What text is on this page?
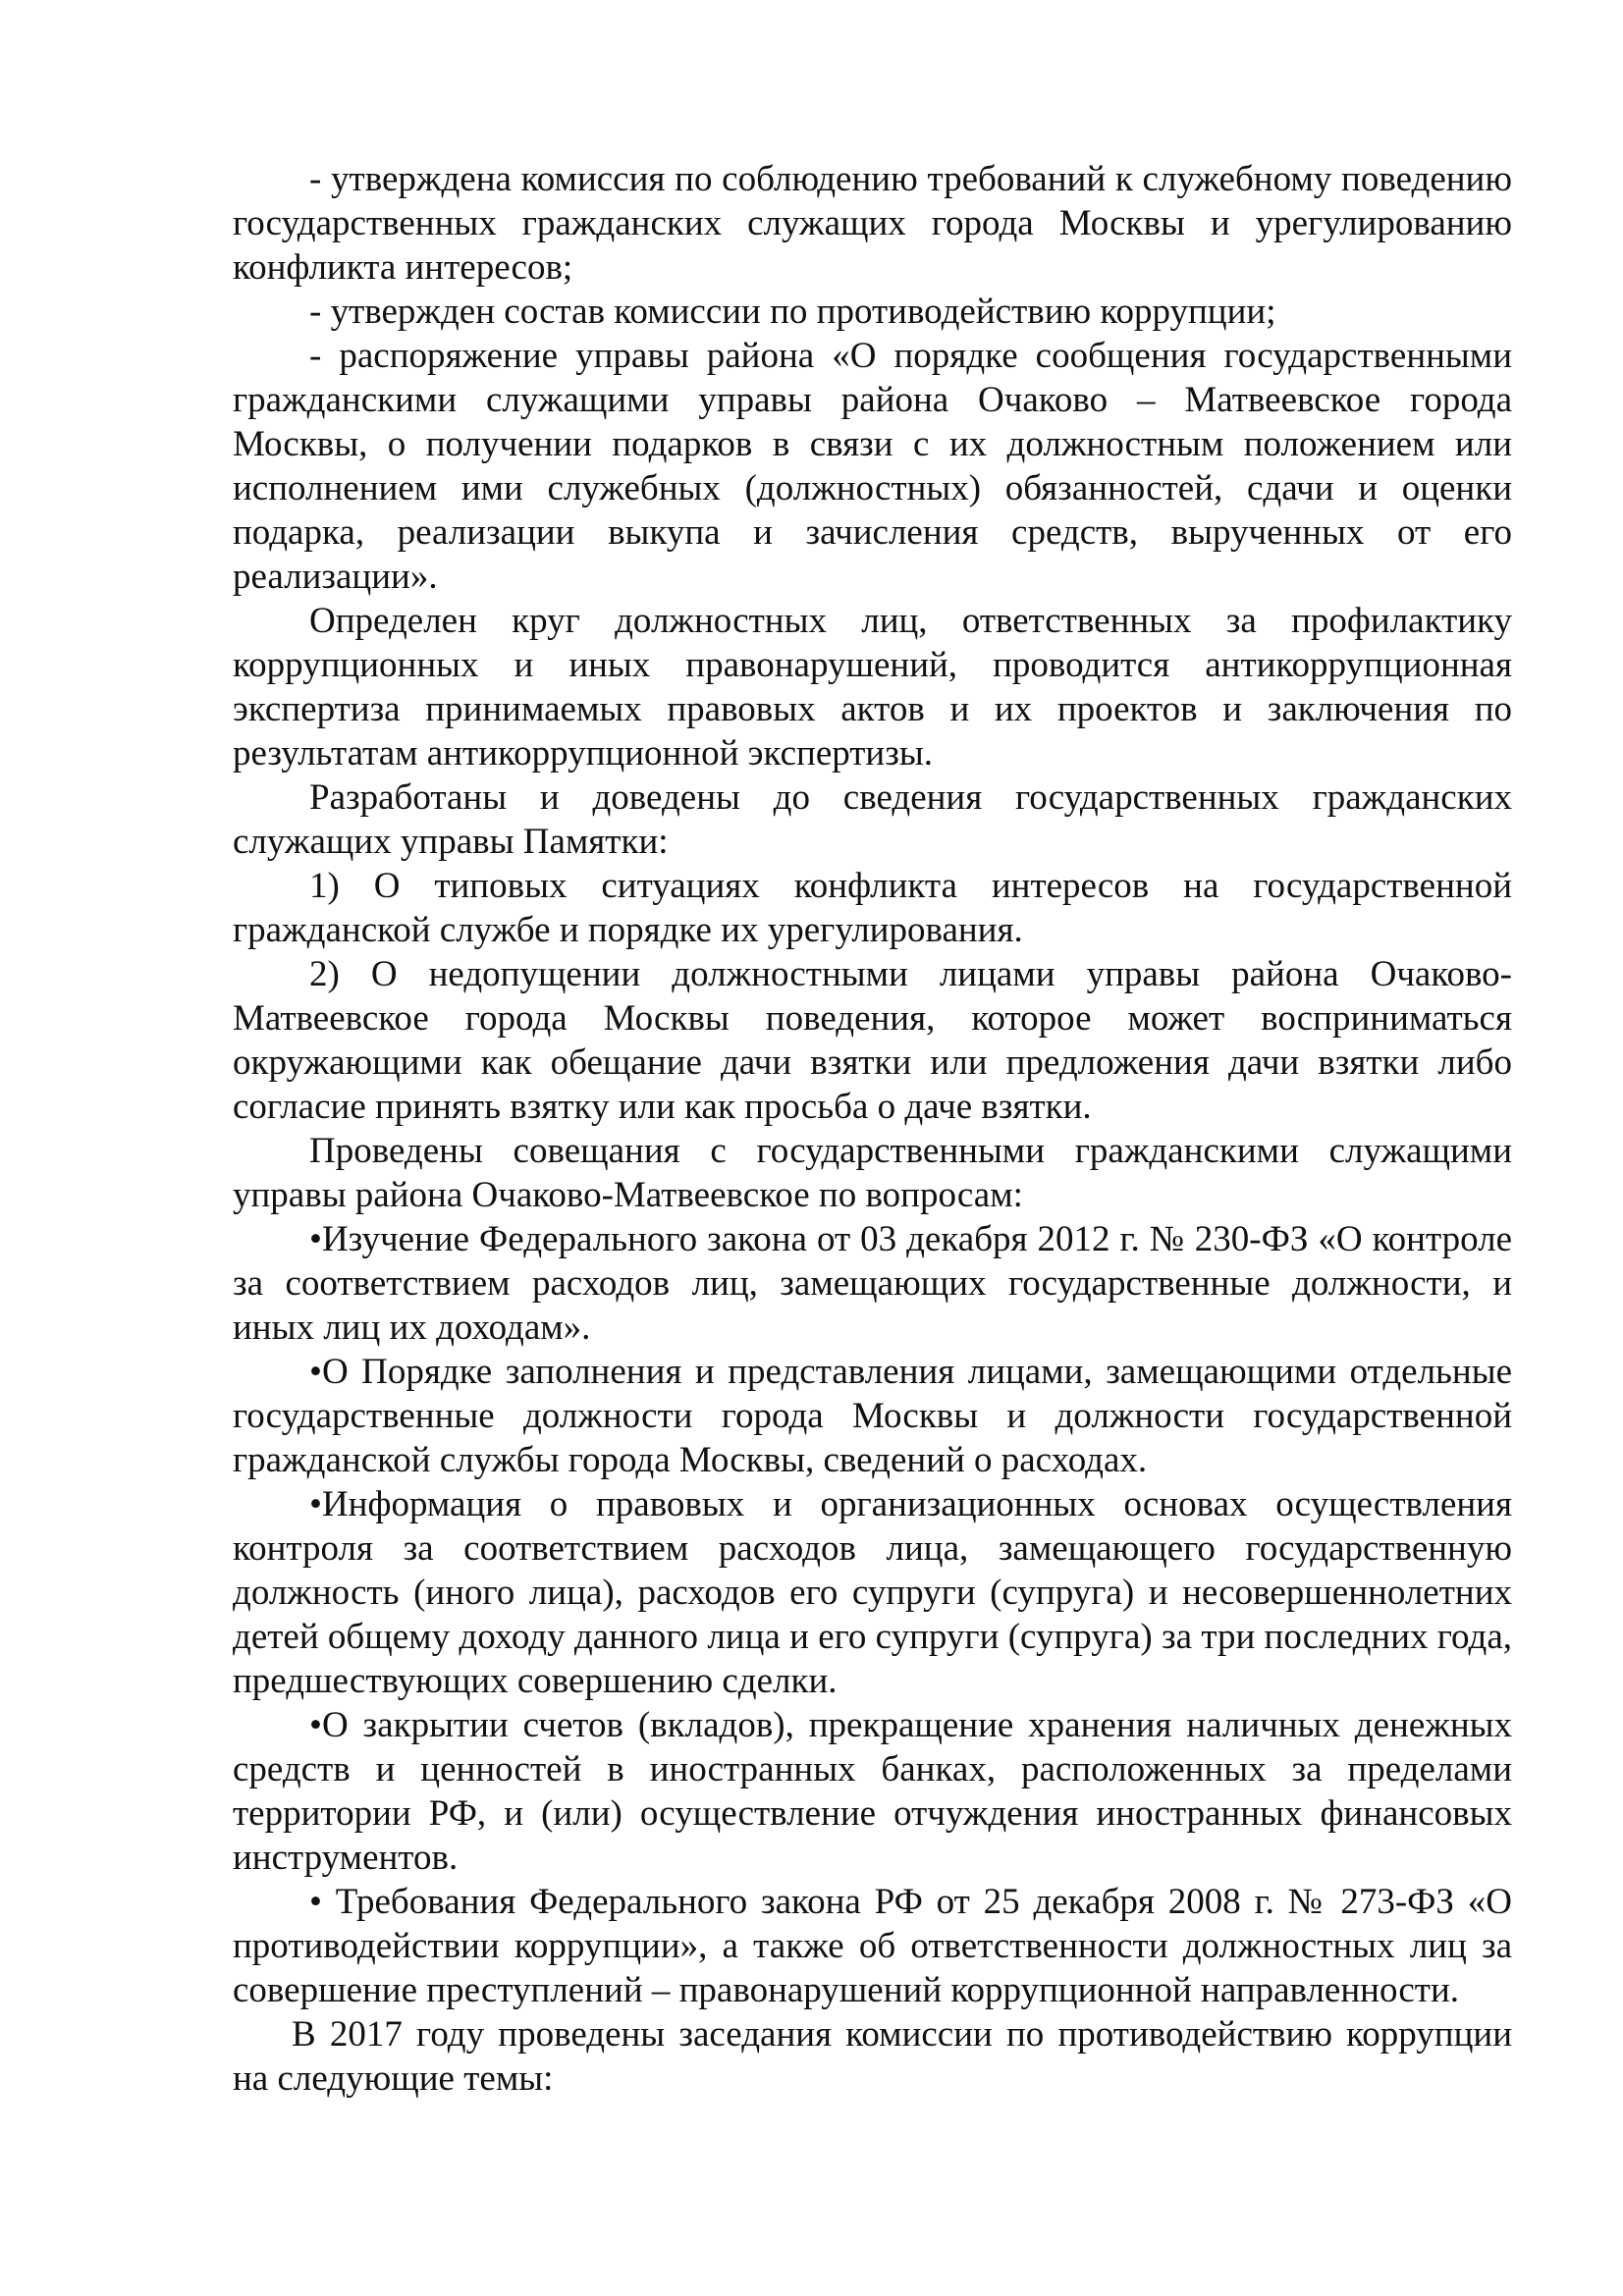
- утверждена комиссия по соблюдению требований к служебному поведению государственных гражданских служащих города Москвы и урегулированию конфликта интересов;

- утвержден состав комиссии по противодействию коррупции;

- распоряжение управы района «О порядке сообщения государственными гражданскими служащими управы района Очаково – Матвеевское города Москвы, о получении подарков в связи с их должностным положением или исполнением ими служебных (должностных) обязанностей, сдачи и оценки подарка, реализации выкупа и зачисления средств, вырученных от его реализации».

Определен круг должностных лиц, ответственных за профилактику коррупционных и иных правонарушений, проводится антикоррупционная экспертиза принимаемых правовых актов и их проектов и заключения по результатам антикоррупционной экспертизы.

Разработаны и доведены до сведения государственных гражданских служащих управы Памятки:

1) О типовых ситуациях конфликта интересов на государственной гражданской службе и порядке их урегулирования.

2) О недопущении должностными лицами управы района Очаково-Матвеевское города Москвы поведения, которое может восприниматься окружающими как обещание дачи взятки или предложения дачи взятки либо согласие принять взятку или как просьба о даче взятки.

Проведены совещания с государственными гражданскими служащими управы района Очаково-Матвеевское по вопросам:

•Изучение Федерального закона от 03 декабря 2012 г. № 230-ФЗ «О контроле за соответствием расходов лиц, замещающих государственные должности, и иных лиц их доходам».

•О Порядке заполнения и представления лицами, замещающими отдельные государственные должности города Москвы и должности государственной гражданской службы города Москвы, сведений о расходах.

•Информация о правовых и организационных основах осуществления контроля за соответствием расходов лица, замещающего государственную должность (иного лица), расходов его супруги (супруга) и несовершеннолетних детей общему доходу данного лица и его супруги (супруга) за три последних года, предшествующих совершению сделки.

•О закрытии счетов (вкладов), прекращение хранения наличных денежных средств и ценностей в иностранных банках, расположенных за пределами территории РФ, и (или) осуществление отчуждения иностранных финансовых инструментов.

• Требования Федерального закона РФ от 25 декабря 2008 г. № 273-ФЗ «О противодействии коррупции», а также об ответственности должностных лиц за совершение преступлений – правонарушений коррупционной направленности.

В 2017 году проведены заседания комиссии по противодействию коррупции на следующие темы:
